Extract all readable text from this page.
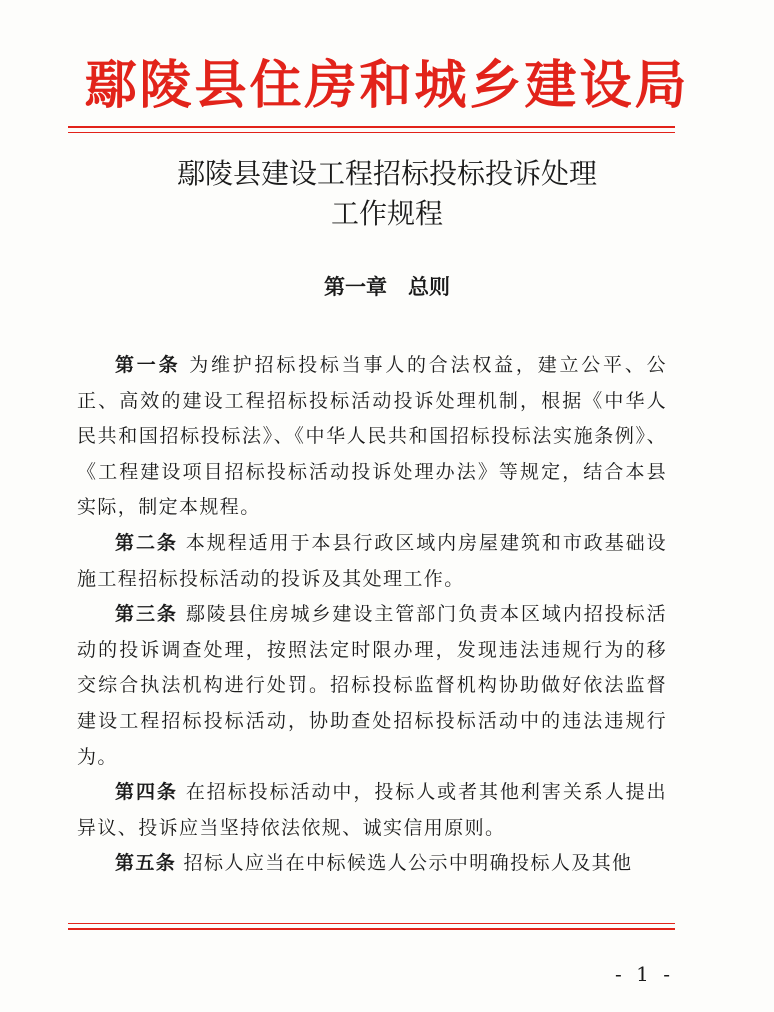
鄢陵县住房和城乡建设局
鄢陵县建设工程招标投标投诉处理
工作规程
第一章　总则

第一条 为维护招标投标当事人的合法权益，建立公平、公正、高效的建设工程招标投标活动投诉处理机制，根据《中华人民共和国招标投标法》、《中华人民共和国招标投标法实施条例》、《工程建设项目招标投标活动投诉处理办法》等规定，结合本县实际，制定本规程。

第二条 本规程适用于本县行政区域内房屋建筑和市政基础设施工程招标投标活动的投诉及其处理工作。

第三条 鄢陵县住房城乡建设主管部门负责本区域内招投标活动的投诉调查处理，按照法定时限办理，发现违法违规行为的移交综合执法机构进行处罚。招标投标监督机构协助做好依法监督建设工程招标投标活动，协助查处招标投标活动中的违法违规行为。

第四条 在招标投标活动中，投标人或者其他利害关系人提出异议、投诉应当坚持依法依规、诚实信用原则。

第五条 招标人应当在中标候选人公示中明确投标人及其他

- 1 -
